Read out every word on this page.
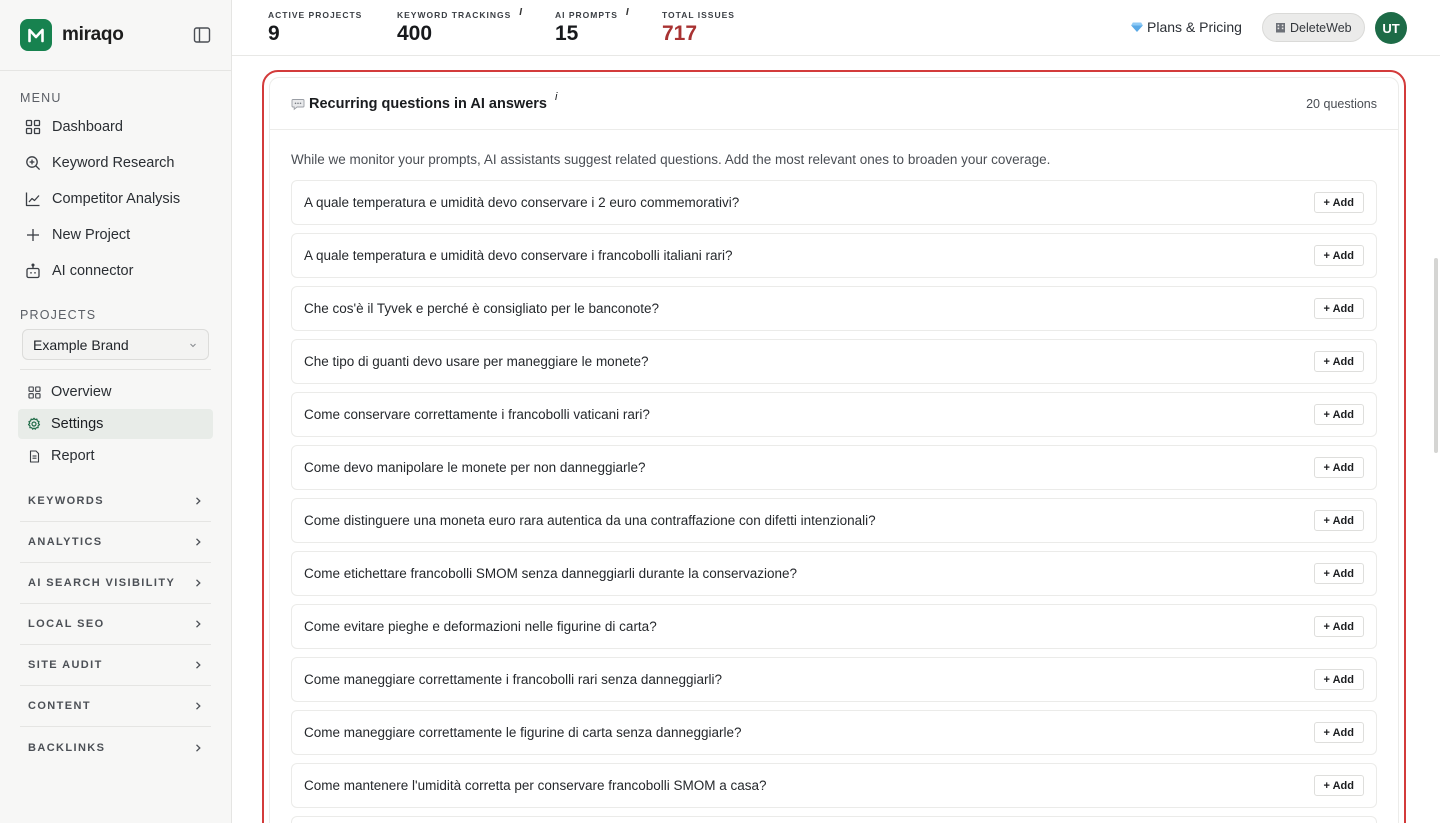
miraqo
MENU
Dashboard
Keyword Research
Competitor Analysis
New Project
AI connector
PROJECTS
Example Brand
Overview
Settings
Report
KEYWORDS
ANALYTICS
AI SEARCH VISIBILITY
LOCAL SEO
SITE AUDIT
CONTENT
BACKLINKS
ACTIVE PROJECTS
9
KEYWORD TRACKINGS I
400
AI PROMPTS I
15
TOTAL ISSUES
717	Plans & Pricing	DeleteWeb	UT
Recurring questions in AI answers i	20 questions

While we monitor your prompts, AI assistants suggest related questions. Add the most relevant ones to broaden your coverage.

A quale temperatura e umidità devo conservare i 2 euro commemorativi?	+ Add
A quale temperatura e umidità devo conservare i francobolli italiani rari?	+ Add
Che cos'è il Tyvek e perché è consigliato per le banconote?	+ Add
Che tipo di guanti devo usare per maneggiare le monete?	+ Add
Come conservare correttamente i francobolli vaticani rari?	+ Add
Come devo manipolare le monete per non danneggiarle?	+ Add
Come distinguere una moneta euro rara autentica da una contraffazione con difetti intenzionali?	+ Add
Come etichettare francobolli SMOM senza danneggiarli durante la conservazione?	+ Add
Come evitare pieghe e deformazioni nelle figurine di carta?	+ Add
Come maneggiare correttamente i francobolli rari senza danneggiarli?	+ Add
Come maneggiare correttamente le figurine di carta senza danneggiarle?	+ Add
Come mantenere l'umidità corretta per conservare francobolli SMOM a casa?	+ Add
